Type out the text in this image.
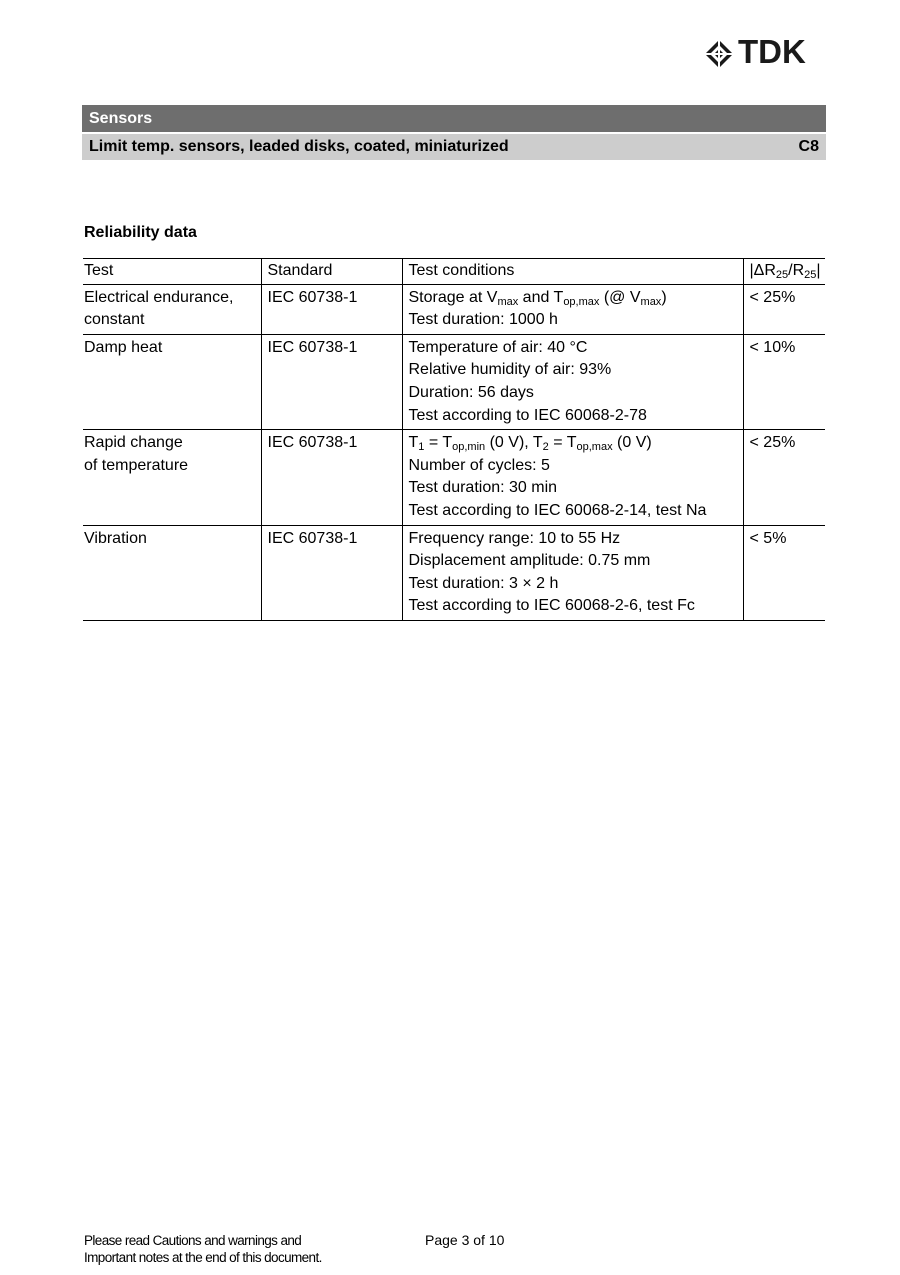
TDK
Sensors
Limit temp. sensors, leaded disks, coated, miniaturized	C8
Reliability data
Test	Standard	Test conditions	$|\Delta R_{25}/R_{25}|$

Electrical endurance,
constant	IEC 60738-1	Storage at $V_{max}$ and $T_{op,max}$ (@ $V_{max}$)
Test duration: 1000 h	< 25%

Damp heat	IEC 60738-1	Temperature of air: 40 °C
Relative humidity of air: 93%
Duration: 56 days
Test according to IEC 60068-2-78	< 10%

Rapid change
of temperature	IEC 60738-1	$T_1 = T_{op,min}$ (0 V), $T_2 = T_{op,max}$ (0 V)
Number of cycles: 5
Test duration: 30 min
Test according to IEC 60068-2-14, test Na	< 25%

Vibration	IEC 60738-1	Frequency range: 10 to 55 Hz
Displacement amplitude: 0.75 mm
Test duration: 3 × 2 h
Test according to IEC 60068-2-6, test Fc	< 5%
Please read Cautions and warnings and
Important notes at the end of this document.
Page 3 of 10
